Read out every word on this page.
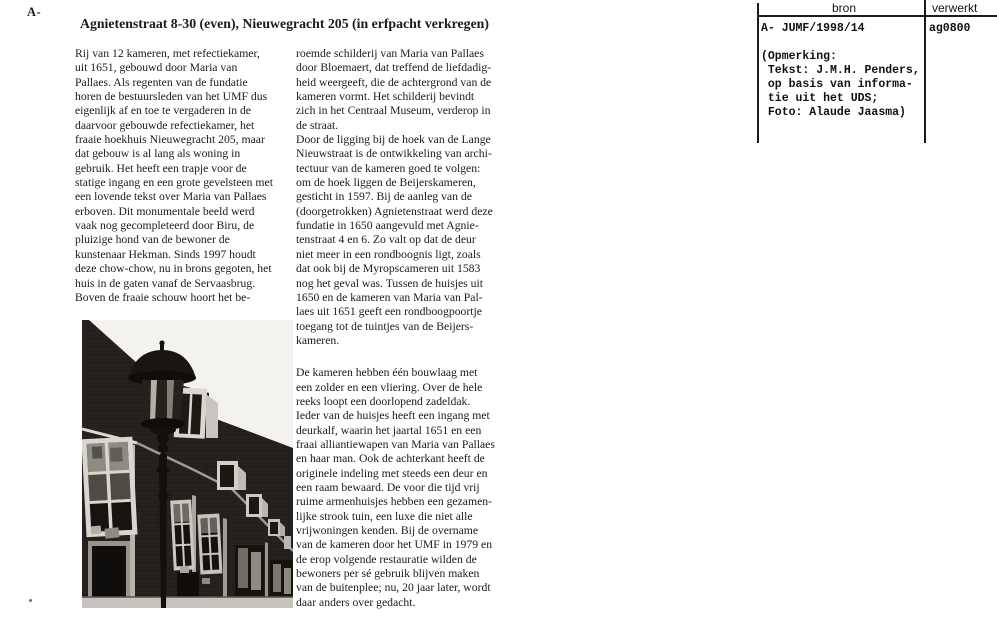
A-
Agnietenstraat 8-30 (even), Nieuwegracht 205 (in erfpacht verkregen)
Rij van 12 kameren, met refectiekamer,
uit 1651, gebouwd door Maria van
Pallaes. Als regenten van de fundatie
horen de bestuursleden van het UMF dus
eigenlijk af en toe te vergaderen in de
daarvoor gebouwde refectiekamer, het
fraaie hoekhuis Nieuwegracht 205, maar
dat gebouw is al lang als woning in
gebruik. Het heeft een trapje voor de
statige ingang en een grote gevelsteen met
een lovende tekst over Maria van Pallaes
erboven. Dit monumentale beeld werd
vaak nog gecompleteerd door Biru, de
pluizige hond van de bewoner de
kunstenaar Hekman. Sinds 1997 houdt
deze chow-chow, nu in brons gegoten, het
huis in de gaten vanaf de Servaasbrug.
Boven de fraaie schouw hoort het be-
roemde schilderij van Maria van Pallaes
door Bloemaert, dat treffend de liefdadig-
heid weergeeft, die de achtergrond van de
kameren vormt. Het schilderij bevindt
zich in het Centraal Museum, verderop in
de straat.
Door de ligging bij de hoek van de Lange
Nieuwstraat is de ontwikkeling van archi-
tectuur van de kameren goed te volgen:
om de hoek liggen de Beijerskameren,
gesticht in 1597. Bij de aanleg van de
(doorgetrokken) Agnietenstraat werd deze
fundatie in 1650 aangevuld met Agnie-
tenstraat 4 en 6. Zo valt op dat de deur
niet meer in een rondboognis ligt, zoals
dat ook bij de Myropscameren uit 1583
nog het geval was. Tussen de huisjes uit
1650 en de kameren van Maria van Pal-
laes uit 1651 geeft een rondboogpoortje
toegang tot de tuintjes van de Beijers-
kameren.
De kameren hebben één bouwlaag met
een zolder en een vliering. Over de hele
reeks loopt een doorlopend zadeldak.
Ieder van de huisjes heeft een ingang met
deurkalf, waarin het jaartal 1651 en een
fraai alliantiewapen van Maria van Pallaes
en haar man. Ook de achterkant heeft de
originele indeling met steeds een deur en
een raam bewaard. De voor die tijd vrij
ruime armenhuisjes hebben een gezamen-
lijke strook tuin, een luxe die niet alle
vrijwoningen kenden. Bij de overname
van de kameren door het UMF in 1979 en
de erop volgende restauratie wilden de
bewoners per sé gebruik blijven maken
van de buitenplee; nu, 20 jaar later, wordt
daar anders over gedacht.
bron	verwerkt
A- JUMF/1998/14	ag0800
(Opmerking:
Tekst: J.M.H. Penders,
op basis van informa-
tie uit het UDS;
Foto: Alaude Jaasma)
